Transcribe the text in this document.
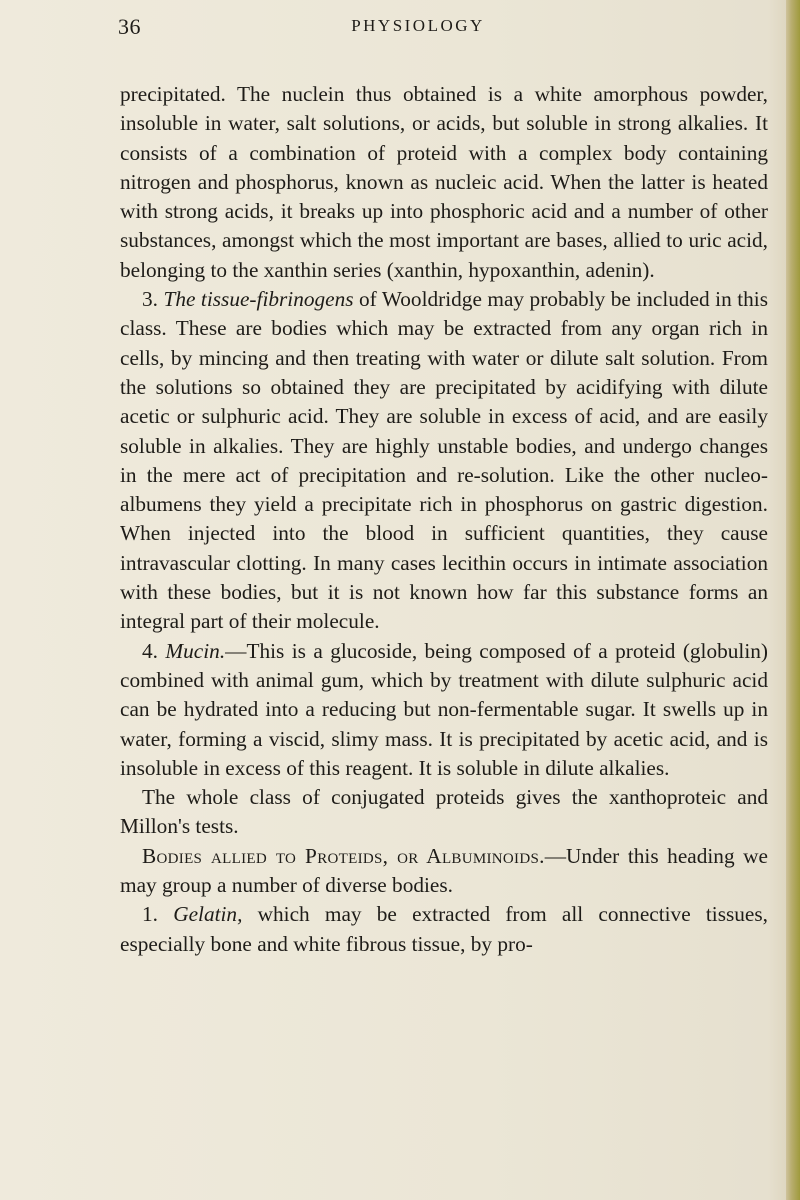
36	PHYSIOLOGY

precipitated. The nuclein thus obtained is a white amorphous powder, insoluble in water, salt solutions, or acids, but soluble in strong alkalies. It consists of a combination of proteid with a complex body containing nitrogen and phosphorus, known as nucleic acid. When the latter is heated with strong acids, it breaks up into phosphoric acid and a number of other substances, amongst which the most important are bases, allied to uric acid, belonging to the xanthin series (xanthin, hypoxanthin, adenin).

3. The tissue-fibrinogens of Wooldridge may probably be included in this class. These are bodies which may be extracted from any organ rich in cells, by mincing and then treating with water or dilute salt solution. From the solutions so obtained they are precipitated by acidifying with dilute acetic or sulphuric acid. They are soluble in excess of acid, and are easily soluble in alkalies. They are highly unstable bodies, and undergo changes in the mere act of precipitation and re-solution. Like the other nucleo-albumens they yield a precipitate rich in phosphorus on gastric digestion. When injected into the blood in sufficient quantities, they cause intravascular clotting. In many cases lecithin occurs in intimate association with these bodies, but it is not known how far this substance forms an integral part of their molecule.

4. Mucin.—This is a glucoside, being composed of a proteid (globulin) combined with animal gum, which by treatment with dilute sulphuric acid can be hydrated into a reducing but non-fermentable sugar. It swells up in water, forming a viscid, slimy mass. It is precipitated by acetic acid, and is insoluble in excess of this reagent. It is soluble in dilute alkalies.

The whole class of conjugated proteids gives the xanthoproteic and Millon's tests.

Bodies allied to Proteids, or Albuminoids.—Under this heading we may group a number of diverse bodies.

1. Gelatin, which may be extracted from all connective tissues, especially bone and white fibrous tissue, by pro-
